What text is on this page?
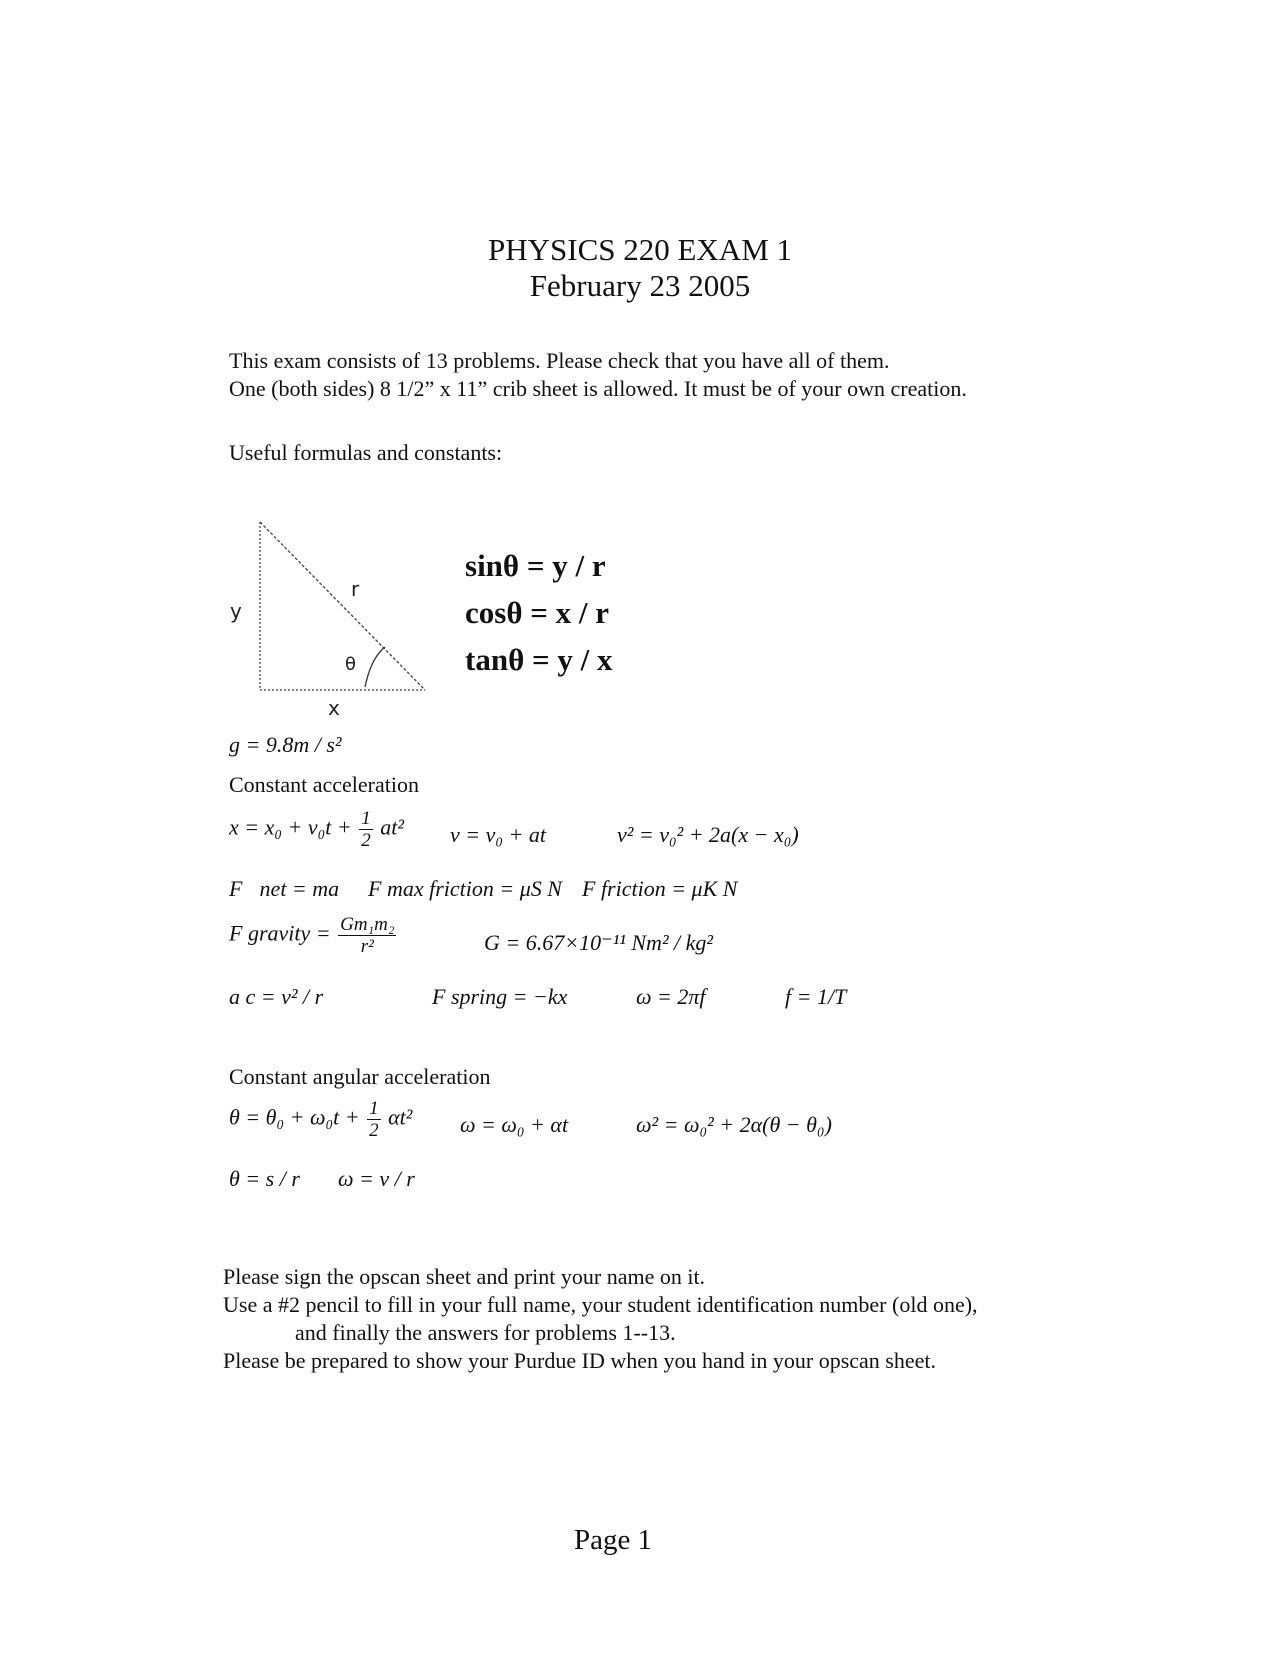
PHYSICS 220 EXAM 1
February 23 2005
This exam consists of 13 problems. Please check that you have all of them.
One (both sides) 8 1/2” x 11” crib sheet is allowed. It must be of your own creation.
Useful formulas and constants:
y
r
θ
x
sinθ = y / r
cosθ = x / r
tanθ = y / x
g = 9.8m / s²
Constant acceleration
$x = x_0 + v_0t + \frac{1}{2} at^2$ v = v₀ + at	v² = v₀² + 2a(x − x₀)
F⃗net = ma⃗ F max friction = μS N F friction = μK N
F gravity = $\frac{\text{Gm₁m₂}}{\text{r²}}$	G = 6.67×10⁻¹¹ Nm² / kg²
a c = v² / r	F spring = −kx	ω = 2πf	f = 1/T
Constant angular acceleration
$\theta = \theta_0 + \omega_0t + \frac{1}{2} \alpha t^2$ ω = ω₀ + αt	ω² = ω₀² + 2α(θ − θ₀)
θ = s / r ω = v / r
Please sign the opscan sheet and print your name on it.
Use a #2 pencil to fill in your full name, your student identification number (old one),
and finally the answers for problems 1--13.
Please be prepared to show your Purdue ID when you hand in your opscan sheet.
Page 1
